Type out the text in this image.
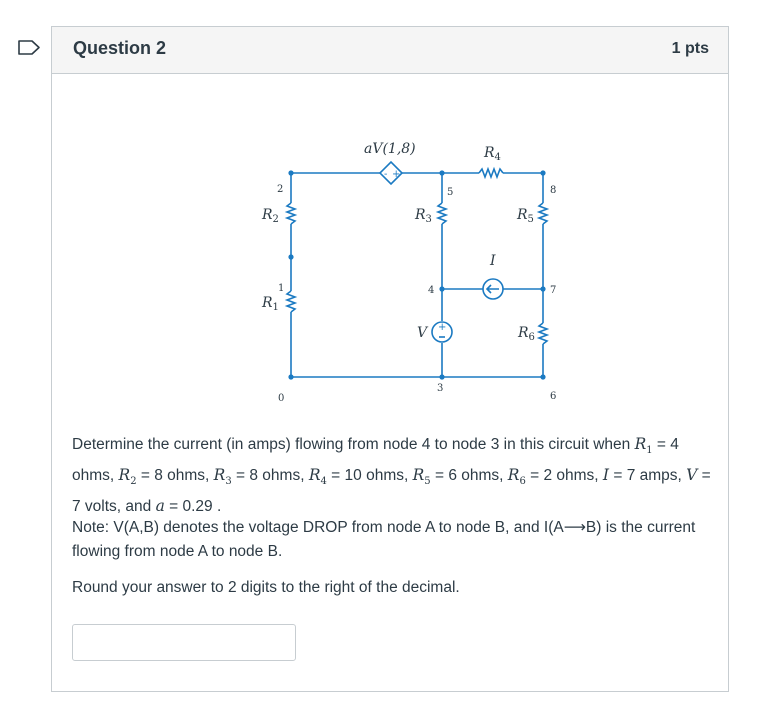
Question 2	1 pts
- +
+
2
1
0
5
4
3
8
7
6
aV(1,8)	$R_4$
$R_2$	$R_3$	$R_5$
I
$R_1$
V	$R_6$
Determine the current (in amps) flowing from node 4 to node 3 in this circuit when $R_1 = 4$ ohms, $R_2 = 8$ ohms, $R_3 = 8$ ohms, $R_4 = 10$ ohms, $R_5 = 6$ ohms, $R_6 = 2$ ohms, I = 7 amps, V = 7 volts, and a = 0.29 .
Note: V(A,B) denotes the voltage DROP from node A to node B, and I(A⟶B) is the current flowing from node A to node B.
Round your answer to 2 digits to the right of the decimal.
